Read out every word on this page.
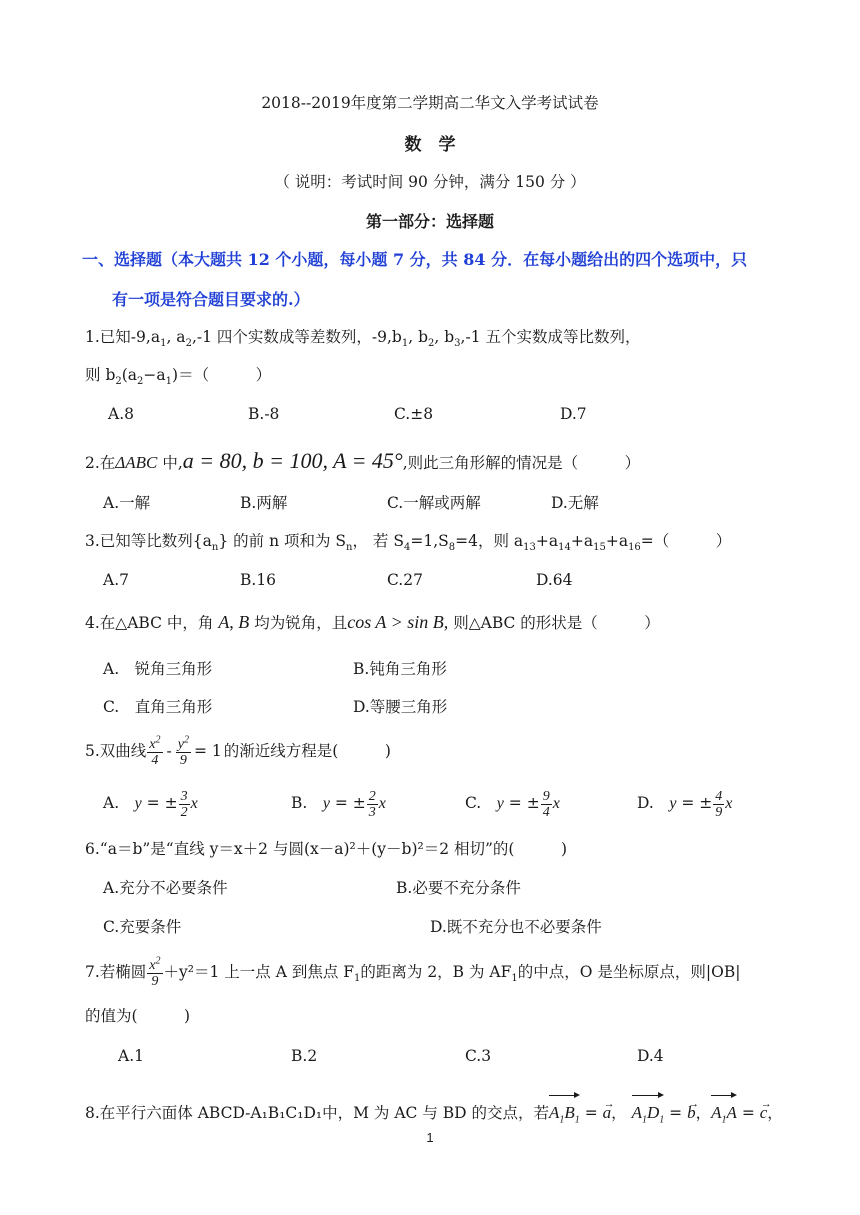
2018--2019年度第二学期高二华文入学考试试卷
数　学
（ 说明：考试时间 90 分钟，满分 150 分 ）
第一部分：选择题
一、选择题（本大题共 12 个小题，每小题 7 分，共 84 分．在每小题给出的四个选项中，只
有一项是符合题目要求的.）
1.已知$-9,a_1$, $a_2,-1$ 四个实数成等差数列，$-9,b_1$, $b_2$, $b_3,-1$ 五个实数成等比数列，
则 $b_2(a_2-a_1)=$（　　　）
A.8	B.-8	C.±8	D.7
2.在ΔABC 中,a = 80, b = 100, A = 45°,则此三角形解的情况是（　　　）
A.一解	B.两解	C.一解或两解	D.无解
3.已知等比数列$\{a_n\}$ 的前 n 项和为 $S_n$， 若 $S_4=1,S_8=4$，则 $a_{13}+a_{14}+a_{15}+a_{16}=$（　　　）
A.7	B.16	C.27	D.64
4.在△ABC 中，角 A, B 均为锐角，且cos A > sin B, 则△ABC 的形状是（　　　）
A.　锐角三角形	B.钝角三角形
C.　直角三角形	D.等腰三角形
5.双曲线 $\frac{x^2}{4} - \frac{y^2}{9} = 1$ 的渐近线方程是(　　　)
A.　 y = ± $\frac{3}{2}$ x	B.　 y = ± $\frac{2}{3}$ x	C.　 y = ± $\frac{9}{4}$ x	D.　 y = ± $\frac{4}{9}$ x
6.“a＝b”是“直线 y＝x＋2 与圆(x－a)²＋(y－b)²＝2 相切”的(　　　)
A.充分不必要条件	B.必要不充分条件
C.充要条件	D.既不充分也不必要条件
7.若椭圆 $\frac{x^2}{9} +y^2=1$ 上一点 A 到焦点 $F_1$的距离为 2，B 为 $AF_1$的中点，O 是坐标原点，则|OB|
的值为(　　　)
A.1	B.2	C.3	D.4
8.在平行六面体 ABCD-A₁B₁C₁D₁中，M 为 AC 与 BD 的交点，若$A_1B_1$ = → a， $A_1D_1$ = → b，$A_1A$ = → c，
1
